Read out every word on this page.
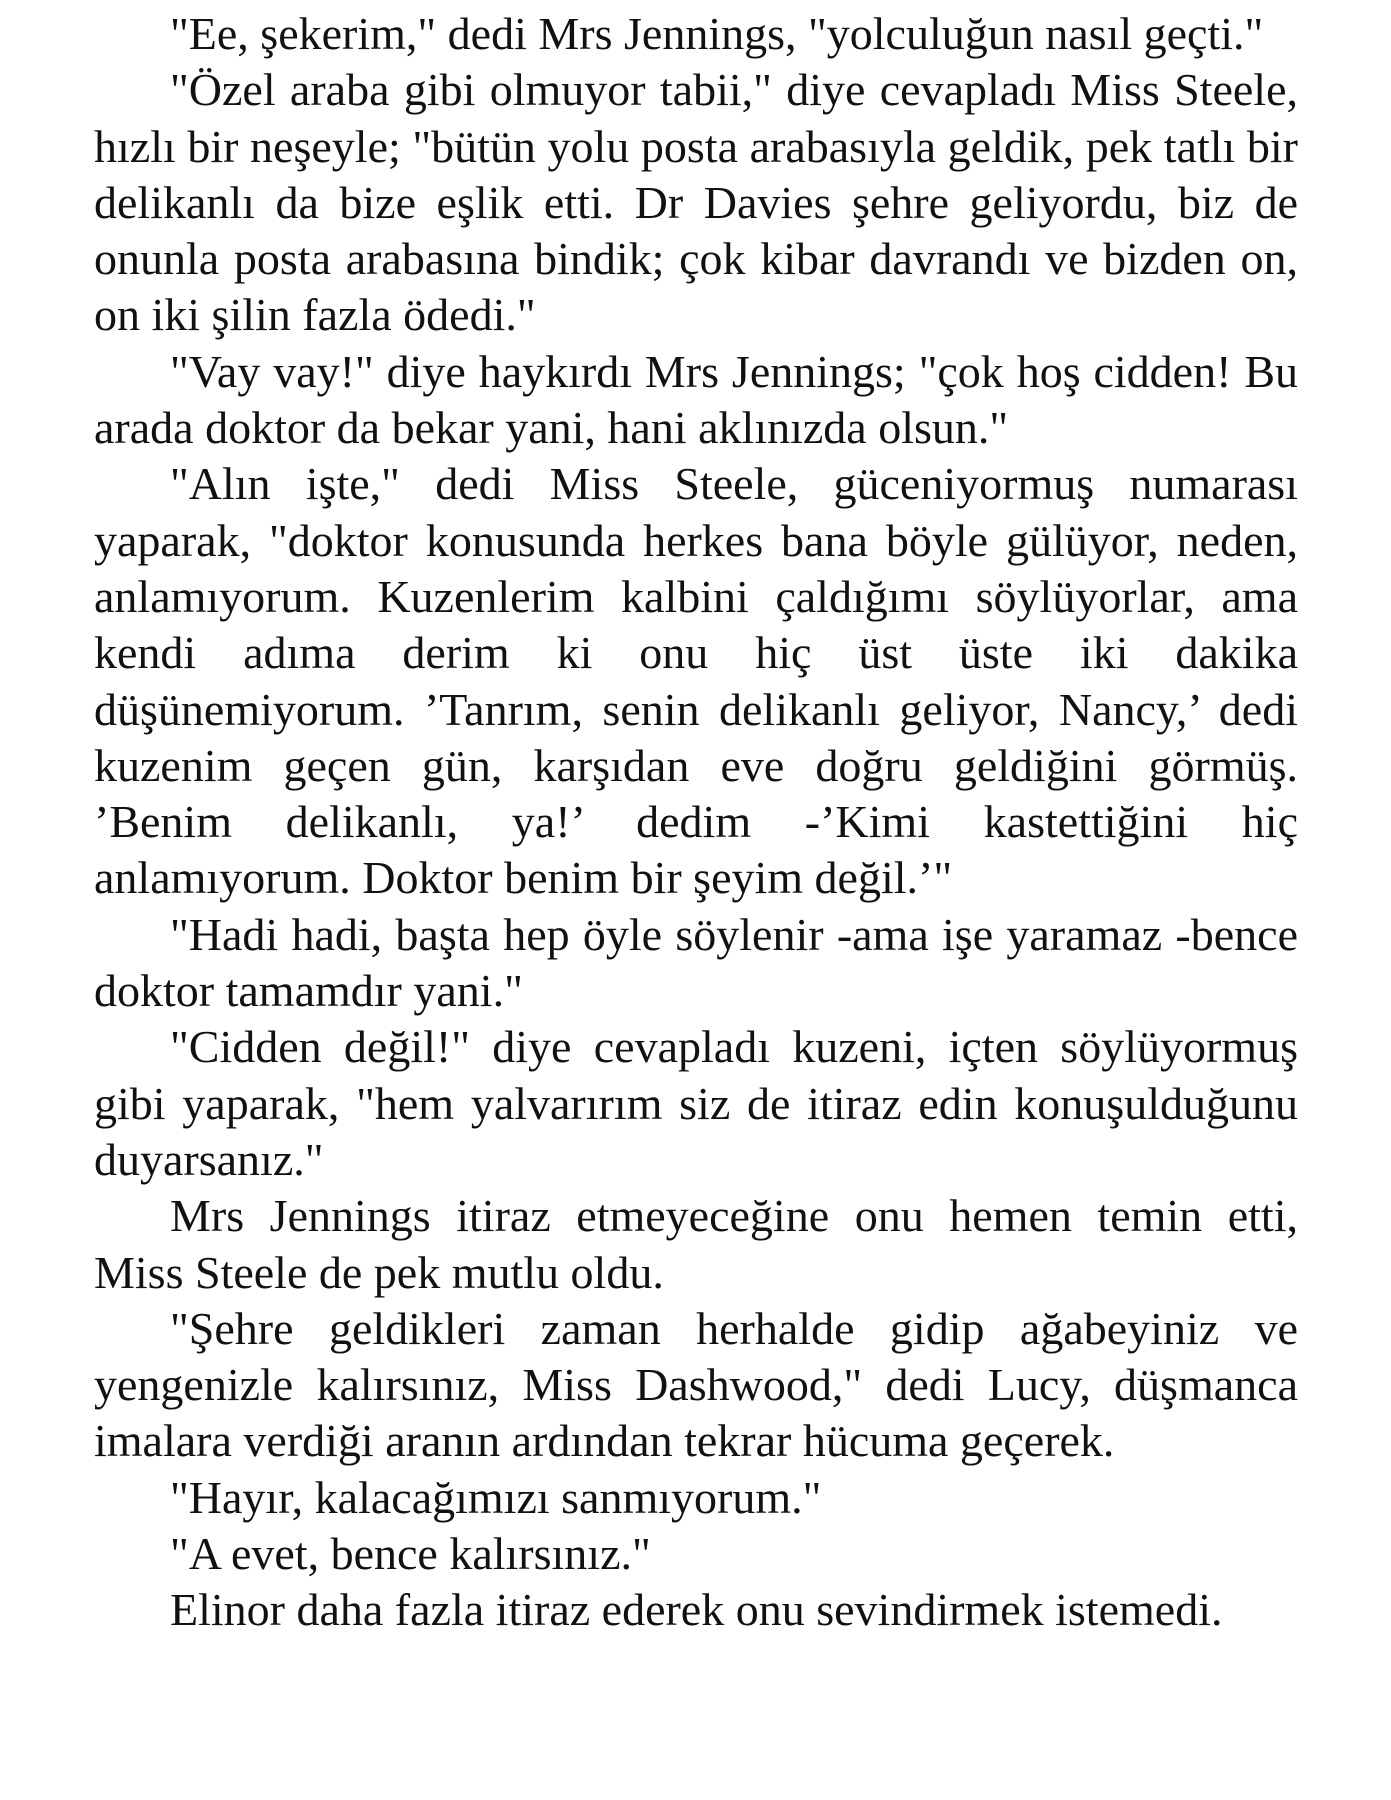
"Ee, şekerim," dedi Mrs Jennings, "yolculuğun nasıl geçti."

"Özel araba gibi olmuyor tabii," diye cevapladı Miss Steele, hızlı bir neşeyle; "bütün yolu posta arabasıyla geldik, pek tatlı bir delikanlı da bize eşlik etti. Dr Davies şehre geliyordu, biz de onunla posta arabasına bindik; çok kibar davrandı ve bizden on, on iki şilin fazla ödedi."

"Vay vay!" diye haykırdı Mrs Jennings; "çok hoş cidden! Bu arada doktor da bekar yani, hani aklınızda olsun."

"Alın işte," dedi Miss Steele, güceniyormuş numarası yaparak, "doktor konusunda herkes bana böyle gülüyor, neden, anlamıyorum. Kuzenlerim kalbini çaldığımı söylüyorlar, ama kendi adıma derim ki onu hiç üst üste iki dakika düşünemiyorum. ’Tanrım, senin delikanlı geliyor, Nancy,’ dedi kuzenim geçen gün, karşıdan eve doğru geldiğini görmüş. ’Benim delikanlı, ya!’ dedim -’Kimi kastettiğini hiç anlamıyorum. Doktor benim bir şeyim değil.’"

"Hadi hadi, başta hep öyle söylenir -ama işe yaramaz -bence doktor tamamdır yani."

"Cidden değil!" diye cevapladı kuzeni, içten söylüyormuş gibi yaparak, "hem yalvarırım siz de itiraz edin konuşulduğunu duyarsanız."

Mrs Jennings itiraz etmeyeceğine onu hemen temin etti, Miss Steele de pek mutlu oldu.

"Şehre geldikleri zaman herhalde gidip ağabeyiniz ve yengenizle kalırsınız, Miss Dashwood," dedi Lucy, düşmanca imalara verdiği aranın ardından tekrar hücuma geçerek.

"Hayır, kalacağımızı sanmıyorum."

"A evet, bence kalırsınız."

Elinor daha fazla itiraz ederek onu sevindirmek istemedi.
